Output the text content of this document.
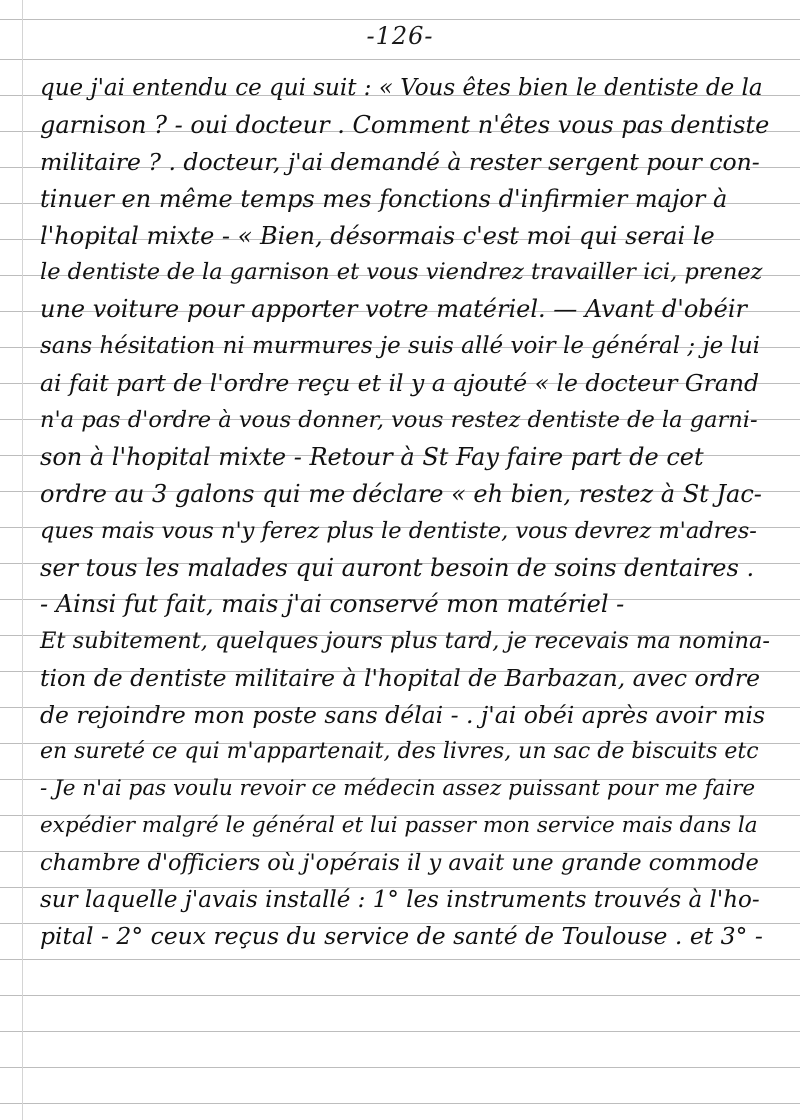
-126-
que j'ai entendu ce qui suit : « Vous êtes bien le dentiste de la
garnison ? - oui docteur . Comment n'êtes vous pas dentiste
militaire ? . docteur, j'ai demandé à rester sergent pour con-
tinuer en même temps mes fonctions d'infirmier major à
l'hopital mixte - « Bien, désormais c'est moi qui serai le
le dentiste de la garnison et vous viendrez travailler ici, prenez
une voiture pour apporter votre matériel. — Avant d'obéir
sans hésitation ni murmures je suis allé voir le général ; je lui
ai fait part de l'ordre reçu et il y a ajouté « le docteur Grand
n'a pas d'ordre à vous donner, vous restez dentiste de la garni-
son à l'hopital mixte - Retour à St Fay faire part de cet
ordre au 3 galons qui me déclare « eh bien, restez à St Jac-
ques mais vous n'y ferez plus le dentiste, vous devrez m'adres-
ser tous les malades qui auront besoin de soins dentaires .
- Ainsi fut fait, mais j'ai conservé mon matériel -
Et subitement, quelques jours plus tard, je recevais ma nomina-
tion de dentiste militaire à l'hopital de Barbazan, avec ordre
de rejoindre mon poste sans délai - . j'ai obéi après avoir mis
en sureté ce qui m'appartenait, des livres, un sac de biscuits etc
- Je n'ai pas voulu revoir ce médecin assez puissant pour me faire
expédier malgré le général et lui passer mon service mais dans la
chambre d'officiers où j'opérais il y avait une grande commode
sur laquelle j'avais installé : 1° les instruments trouvés à l'ho-
pital - 2° ceux reçus du service de santé de Toulouse . et 3° -
